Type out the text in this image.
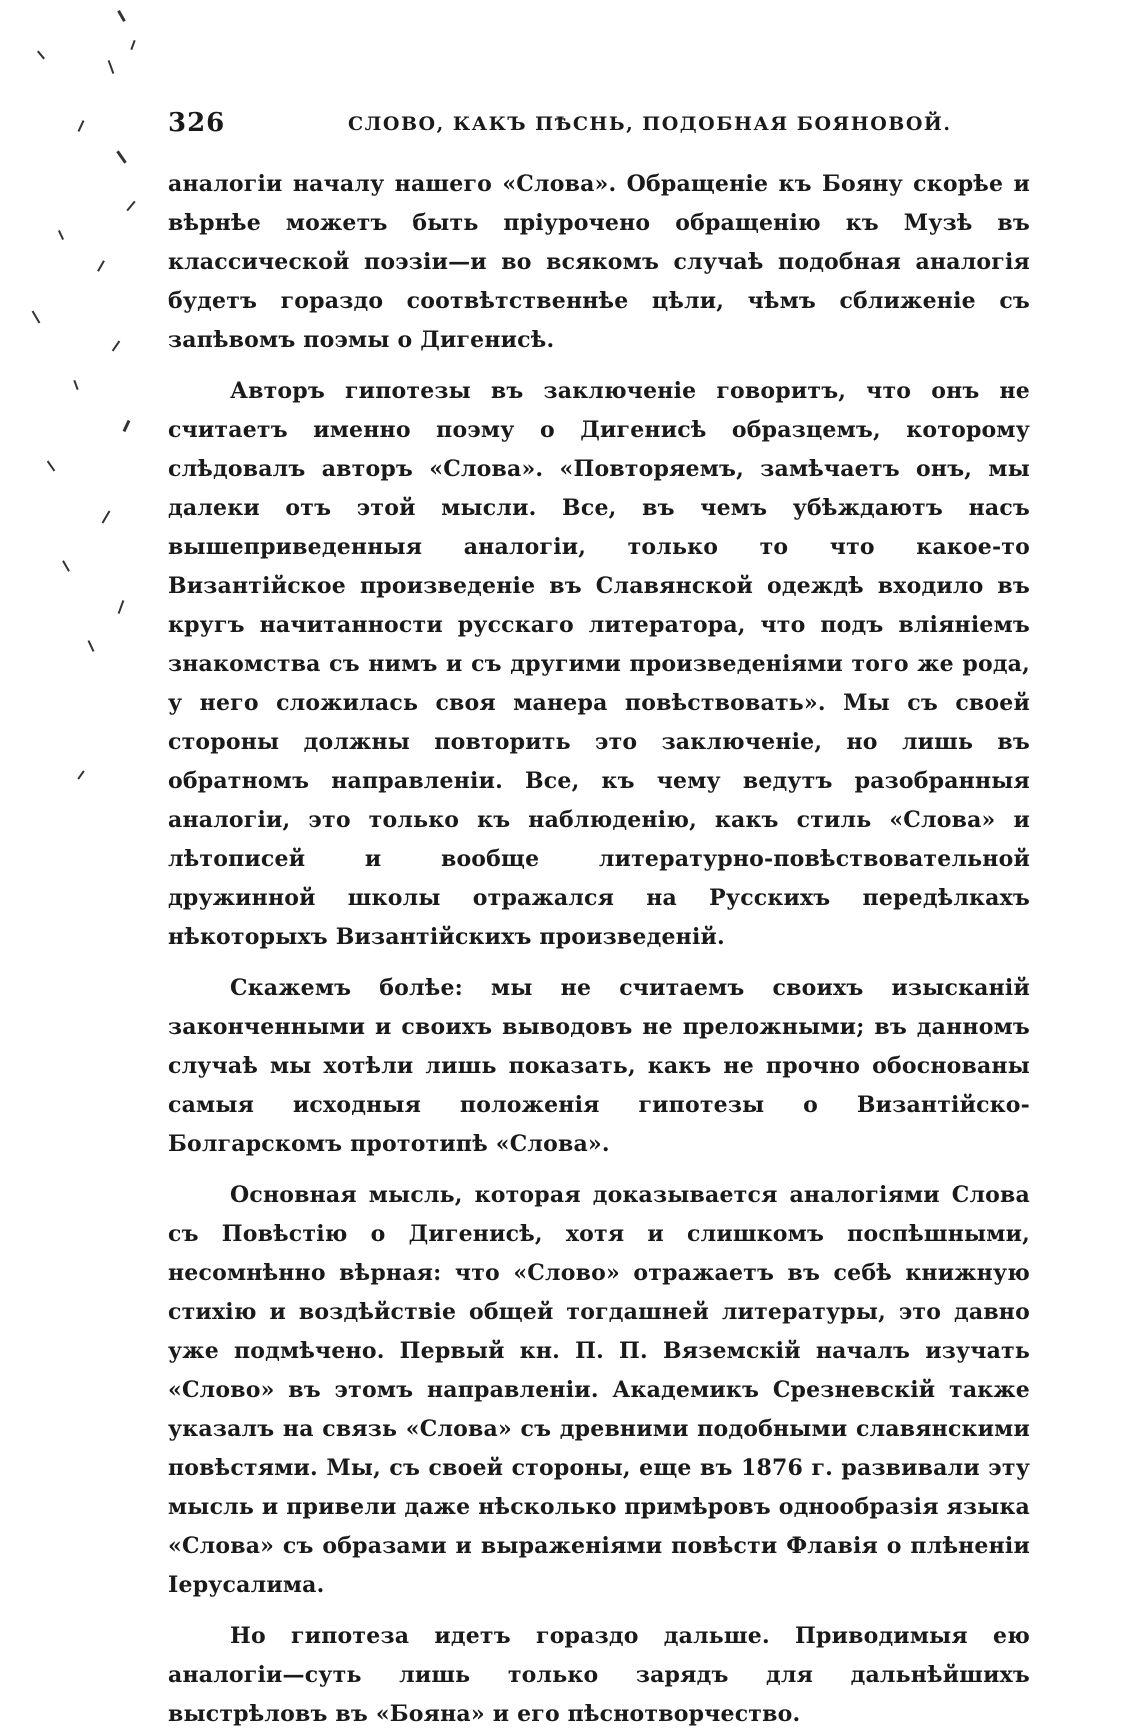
326	СЛОВО, КАКЪ ПѢСНЬ, ПОДОБНАЯ БОЯНОВОЙ.

аналогіи началу нашего «Слова». Обращеніе къ Бояну скорѣе и вѣрнѣе можетъ быть пріурочено обращенію къ Музѣ въ классической поэзіи—и во всякомъ случаѣ подобная аналогія будетъ гораздо соотвѣтственнѣе цѣли, чѣмъ сближеніе съ запѣвомъ поэмы о Дигенисѣ.

Авторъ гипотезы въ заключеніе говоритъ, что онъ не считаетъ именно поэму о Дигенисѣ образцемъ, которому слѣдовалъ авторъ «Слова». «Повторяемъ, замѣчаетъ онъ, мы далеки отъ этой мысли. Все, въ чемъ убѣждаютъ насъ вышеприведенныя аналогіи, только то что какое-то Византійское произведеніе въ Славянской одеждѣ входило въ кругъ начитанности русскаго литератора, что подъ вліяніемъ знакомства съ нимъ и съ другими произведеніями того же рода, у него сложилась своя манера повѣствовать». Мы съ своей стороны должны повторить это заключеніе, но лишь въ обратномъ направленіи. Все, къ чему ведутъ разобранныя аналогіи, это только къ наблюденію, какъ стиль «Слова» и лѣтописей и вообще литературно-повѣствовательной дружинной школы отражался на Русскихъ передѣлкахъ нѣкоторыхъ Византійскихъ произведеній.

Скажемъ болѣе: мы не считаемъ своихъ изысканій законченными и своихъ выводовъ не преложными; въ данномъ случаѣ мы хотѣли лишь показать, какъ не прочно обоснованы самыя исходныя положенія гипотезы о Византійско-Болгарскомъ прототипѣ «Слова».

Основная мысль, которая доказывается аналогіями Слова съ Повѣстію о Дигенисѣ, хотя и слишкомъ поспѣшными, несомнѣнно вѣрная: что «Слово» отражаетъ въ себѣ книжную стихію и воздѣйствіе общей тогдашней литературы, это давно уже подмѣчено. Первый кн. П. П. Вяземскій началъ изучать «Слово» въ этомъ направленіи. Академикъ Срезневскій также указалъ на связь «Слова» съ древними подобными славянскими повѣстями. Мы, съ своей стороны, еще въ 1876 г. развивали эту мысль и привели даже нѣсколько примѣровъ однообразія языка «Слова» съ образами и выраженіями повѣсти Флавія о плѣненіи Іерусалима.

Но гипотеза идетъ гораздо дальше. Приводимыя ею аналогіи—суть лишь только зарядъ для дальнѣйшихъ выстрѣловъ въ «Бояна» и его пѣснотворчество.
